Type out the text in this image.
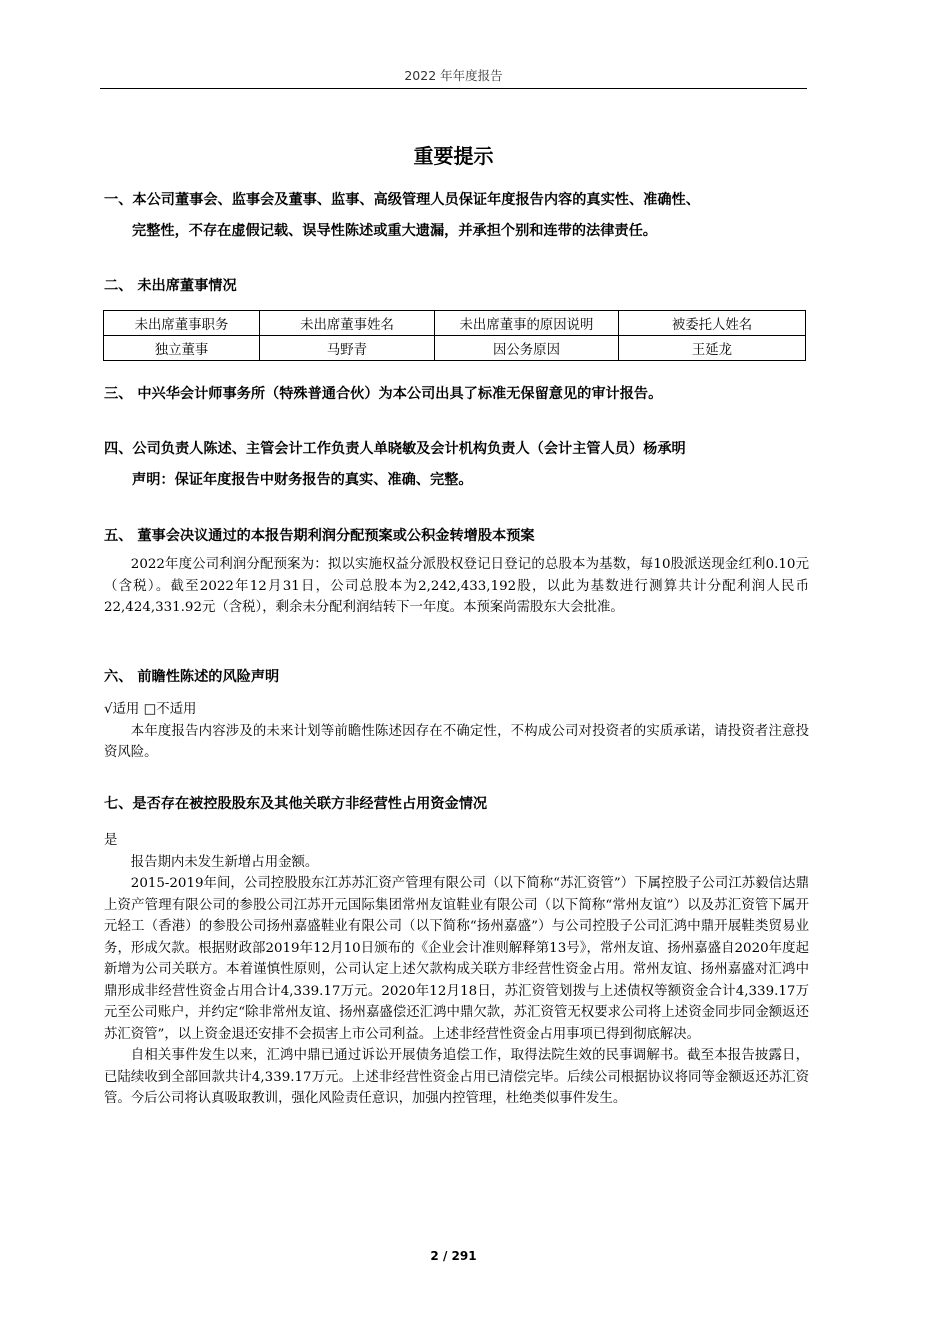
2022 年年度报告
重要提示
一、本公司董事会、监事会及董事、监事、高级管理人员保证年度报告内容的真实性、准确性、
完整性，不存在虚假记载、误导性陈述或重大遗漏，并承担个别和连带的法律责任。
二、 未出席董事情况
未出席董事职务	未出席董事姓名	未出席董事的原因说明	被委托人姓名
独立董事	马野青	因公务原因	王延龙
三、 中兴华会计师事务所（特殊普通合伙）为本公司出具了标准无保留意见的审计报告。
四、公司负责人陈述、主管会计工作负责人单晓敏及会计机构负责人（会计主管人员）杨承明
声明：保证年度报告中财务报告的真实、准确、完整。
五、 董事会决议通过的本报告期利润分配预案或公积金转增股本预案

2022年度公司利润分配预案为：拟以实施权益分派股权登记日登记的总股本为基数，每10股派送现金红利0.10元（含税）。截至2022年12月31日，公司总股本为2,242,433,192股，以此为基数进行测算共计分配利润人民币22,424,331.92元（含税），剩余未分配利润结转下一年度。本预案尚需股东大会批准。

六、 前瞻性陈述的风险声明

√适用 □不适用

本年度报告内容涉及的未来计划等前瞻性陈述因存在不确定性，不构成公司对投资者的实质承诺，请投资者注意投资风险。

七、是否存在被控股股东及其他关联方非经营性占用资金情况

是

报告期内未发生新增占用金额。

2015-2019年间，公司控股股东江苏苏汇资产管理有限公司（以下简称“苏汇资管”）下属控股子公司江苏毅信达鼎上资产管理有限公司的参股公司江苏开元国际集团常州友谊鞋业有限公司（以下简称“常州友谊”）以及苏汇资管下属开元轻工（香港）的参股公司扬州嘉盛鞋业有限公司（以下简称“扬州嘉盛”）与公司控股子公司汇鸿中鼎开展鞋类贸易业务，形成欠款。根据财政部2019年12月10日颁布的《企业会计准则解释第13号》，常州友谊、扬州嘉盛自2020年度起新增为公司关联方。本着谨慎性原则，公司认定上述欠款构成关联方非经营性资金占用。常州友谊、扬州嘉盛对汇鸿中鼎形成非经营性资金占用合计4,339.17万元。2020年12月18日，苏汇资管划拨与上述债权等额资金合计4,339.17万元至公司账户，并约定“除非常州友谊、扬州嘉盛偿还汇鸿中鼎欠款，苏汇资管无权要求公司将上述资金同步同金额返还苏汇资管”，以上资金退还安排不会损害上市公司利益。上述非经营性资金占用事项已得到彻底解决。

自相关事件发生以来，汇鸿中鼎已通过诉讼开展债务追偿工作，取得法院生效的民事调解书。截至本报告披露日，已陆续收到全部回款共计4,339.17万元。上述非经营性资金占用已清偿完毕。后续公司根据协议将同等金额返还苏汇资管。今后公司将认真吸取教训，强化风险责任意识，加强内控管理，杜绝类似事件发生。

2 / 291
